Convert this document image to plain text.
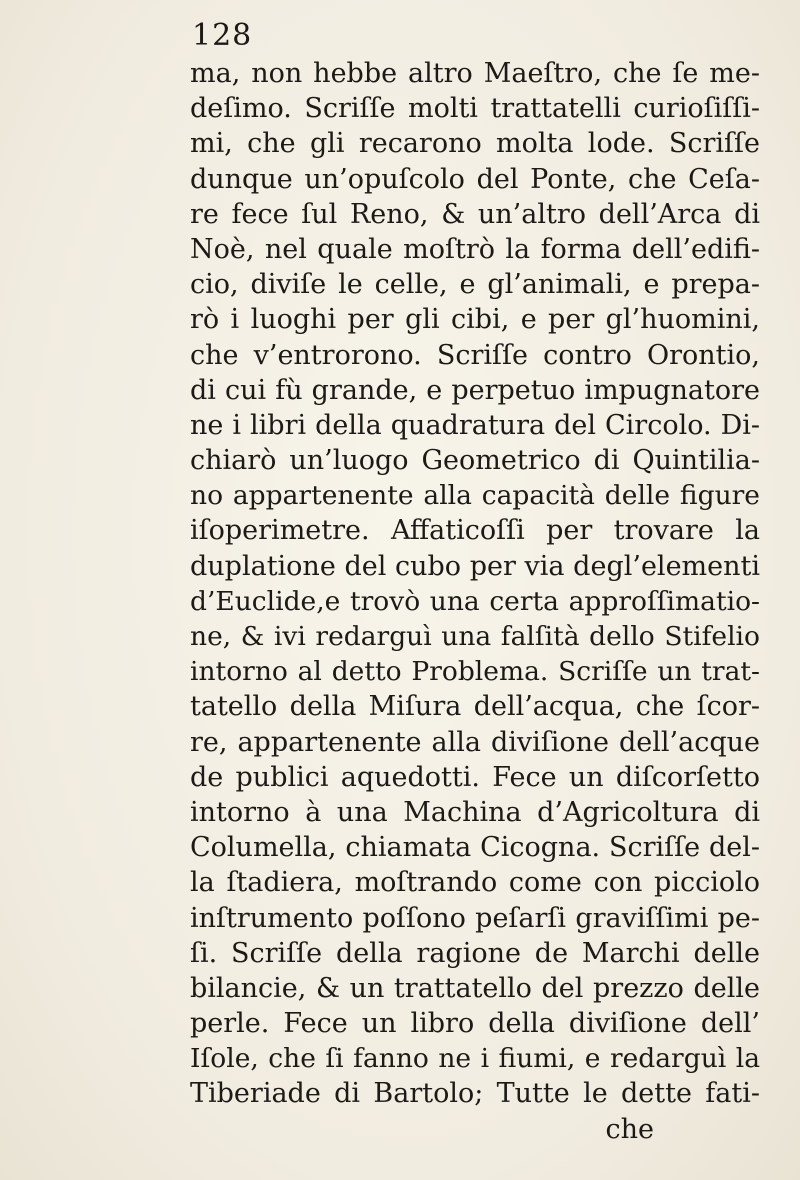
128
ma, non hebbe altro Maeſtro, che ſe me-
deſimo. Scriſſe molti trattatelli curioſiſſi-
mi, che gli recarono molta lode. Scriſſe
dunque un’opuſcolo del Ponte, che Ceſa-
re fece ſul Reno, & un’altro dell’Arca di
Noè, nel quale moſtrò la forma dell’edifi-
cio, diviſe le celle, e gl’animali, e prepa-
rò i luoghi per gli cibi, e per gl’huomini,
che v’entrorono. Scriſſe contro Orontio,
di cui fù grande, e perpetuo impugnatore
ne i libri della quadratura del Circolo. Di-
chiarò un’luogo Geometrico di Quintilia-
no appartenente alla capacità delle figure
iſoperimetre. Affaticoſſi per trovare la
duplatione del cubo per via degl’elementi
d’Euclide,e trovò una certa approſſimatio-
ne, & ivi redarguì una falſità dello Stifelio
intorno al detto Problema. Scriſſe un trat-
tatello della Miſura dell’acqua, che ſcor-
re, appartenente alla diviſione dell’acque
de publici aquedotti. Fece un diſcorſetto
intorno à una Machina d’Agricoltura di
Columella, chiamata Cicogna. Scriſſe del-
la ſtadiera, moſtrando come con picciolo
inſtrumento poſſono peſarſi graviſſimi pe-
ſi. Scriſſe della ragione de Marchi delle
bilancie, & un trattatello del prezzo delle
perle. Fece un libro della diviſione dell’
Iſole, che ſi fanno ne i fiumi, e redarguì la
Tiberiade di Bartolo; Tutte le dette fati-
che
